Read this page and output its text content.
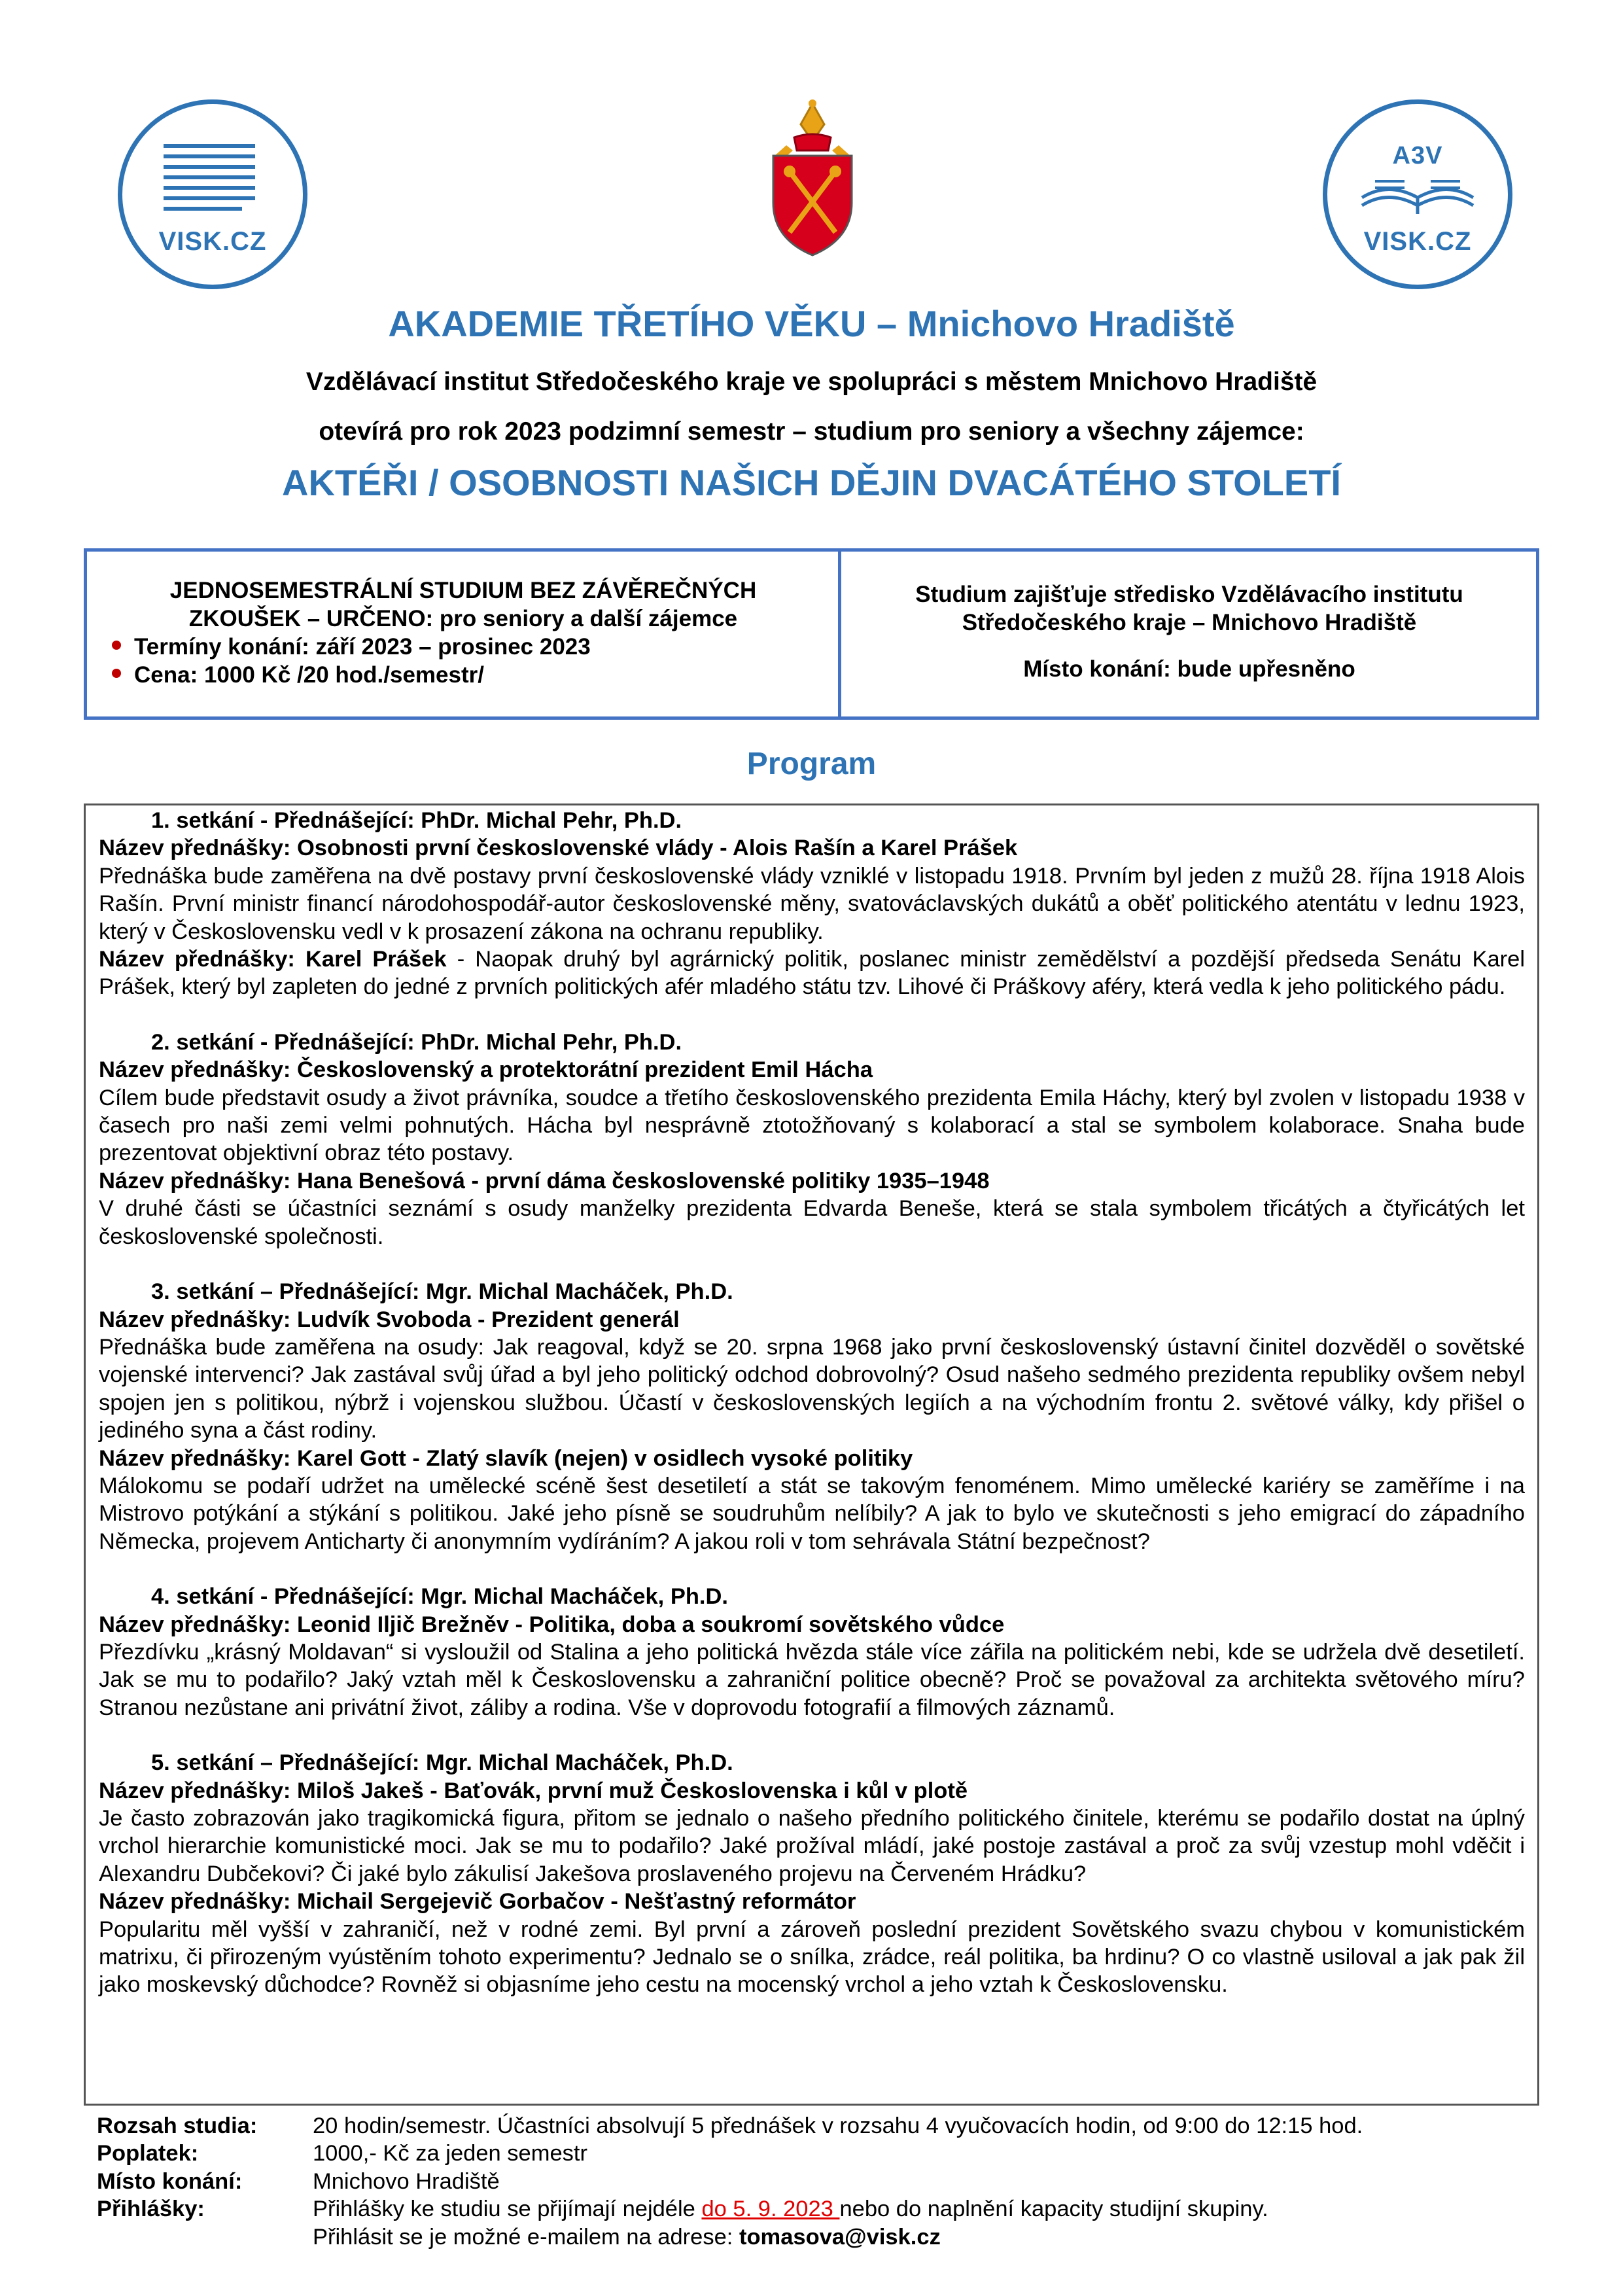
VISK.CZ
A3V
VISK.CZ
AKADEMIE TŘETÍHO VĚKU – Mnichovo Hradiště
Vzdělávací institut Středočeského kraje ve spolupráci s městem Mnichovo Hradiště
otevírá pro rok 2023 podzimní semestr – studium pro seniory a všechny zájemce:
AKTÉŘI / OSOBNOSTI NAŠICH DĚJIN DVACÁTÉHO STOLETÍ
JEDNOSEMESTRÁLNÍ STUDIUM BEZ ZÁVĚREČNÝCH
ZKOUŠEK – URČENO: pro seniory a další zájemce
Termíny konání: září 2023 – prosinec 2023
Cena: 1000 Kč /20 hod./semestr/
Studium zajišťuje středisko Vzdělávacího institutu
Středočeského kraje – Mnichovo Hradiště
Místo konání: bude upřesněno
Program
1. setkání - Přednášející: PhDr. Michal Pehr, Ph.D.
Název přednášky: Osobnosti první československé vlády - Alois Rašín a Karel Prášek
Přednáška bude zaměřena na dvě postavy první československé vlády vzniklé v listopadu 1918. Prvním byl jeden z mužů 28. října 1918 Alois Rašín. První ministr financí národohospodář-autor československé měny, svatováclavských dukátů a oběť politického atentátu v lednu 1923, který v Československu vedl v k prosazení zákona na ochranu republiky.
Název přednášky: Karel Prášek - Naopak druhý byl agrárnický politik, poslanec ministr zemědělství a pozdější předseda Senátu Karel Prášek, který byl zapleten do jedné z prvních politických afér mladého státu tzv. Lihové či Práškovy aféry, která vedla k jeho politického pádu.
2. setkání - Přednášející: PhDr. Michal Pehr, Ph.D.
Název přednášky: Československý a protektorátní prezident Emil Hácha
Cílem bude představit osudy a život právníka, soudce a třetího československého prezidenta Emila Háchy, který byl zvolen v listopadu 1938 v časech pro naši zemi velmi pohnutých. Hácha byl nesprávně ztotožňovaný s kolaborací a stal se symbolem kolaborace. Snaha bude prezentovat objektivní obraz této postavy.
Název přednášky: Hana Benešová - první dáma československé politiky 1935–1948
V druhé části se účastníci seznámí s osudy manželky prezidenta Edvarda Beneše, která se stala symbolem třicátých a čtyřicátých let československé společnosti.
3. setkání – Přednášející: Mgr. Michal Macháček, Ph.D.
Název přednášky: Ludvík Svoboda - Prezident generál
Přednáška bude zaměřena na osudy: Jak reagoval, když se 20. srpna 1968 jako první československý ústavní činitel dozvěděl o sovětské vojenské intervenci? Jak zastával svůj úřad a byl jeho politický odchod dobrovolný? Osud našeho sedmého prezidenta republiky ovšem nebyl spojen jen s politikou, nýbrž i vojenskou službou. Účastí v československých legiích a na východním frontu 2. světové války, kdy přišel o jediného syna a část rodiny.
Název přednášky: Karel Gott - Zlatý slavík (nejen) v osidlech vysoké politiky
Málokomu se podaří udržet na umělecké scéně šest desetiletí a stát se takovým fenoménem. Mimo umělecké kariéry se zaměříme i na Mistrovo potýkání a stýkání s politikou. Jaké jeho písně se soudruhům nelíbily? A jak to bylo ve skutečnosti s jeho emigrací do západního Německa, projevem Anticharty či anonymním vydíráním? A jakou roli v tom sehrávala Státní bezpečnost?
4. setkání - Přednášející: Mgr. Michal Macháček, Ph.D.
Název přednášky: Leonid Iljič Brežněv - Politika, doba a soukromí sovětského vůdce
Přezdívku „krásný Moldavan“ si vysloužil od Stalina a jeho politická hvězda stále více zářila na politickém nebi, kde se udržela dvě desetiletí. Jak se mu to podařilo? Jaký vztah měl k Československu a zahraniční politice obecně? Proč se považoval za architekta světového míru? Stranou nezůstane ani privátní život, záliby a rodina. Vše v doprovodu fotografií a filmových záznamů.
5. setkání – Přednášející: Mgr. Michal Macháček, Ph.D.
Název přednášky: Miloš Jakeš - Baťovák, první muž Československa i kůl v plotě
Je často zobrazován jako tragikomická figura, přitom se jednalo o našeho předního politického činitele, kterému se podařilo dostat na úplný vrchol hierarchie komunistické moci. Jak se mu to podařilo? Jaké prožíval mládí, jaké postoje zastával a proč za svůj vzestup mohl vděčit i Alexandru Dubčekovi? Či jaké bylo zákulisí Jakešova proslaveného projevu na Červeném Hrádku?
Název přednášky: Michail Sergejevič Gorbačov - Nešťastný reformátor
Popularitu měl vyšší v zahraničí, než v rodné zemi. Byl první a zároveň poslední prezident Sovětského svazu chybou v komunistickém matrixu, či přirozeným vyústěním tohoto experimentu? Jednalo se o snílka, zrádce, reál politika, ba hrdinu? O co vlastně usiloval a jak pak žil jako moskevský důchodce? Rovněž si objasníme jeho cestu na mocenský vrchol a jeho vztah k Československu.
Rozsah studia:	20 hodin/semestr. Účastníci absolvují 5 přednášek v rozsahu 4 vyučovacích hodin, od 9:00 do 12:15 hod.
Poplatek:	1000,- Kč za jeden semestr
Místo konání:	Mnichovo Hradiště
Přihlášky:	Přihlášky ke studiu se přijímají nejdéle do 5. 9. 2023 nebo do naplnění kapacity studijní skupiny.
Přihlásit se je možné e-mailem na adrese: tomasova@visk.cz
